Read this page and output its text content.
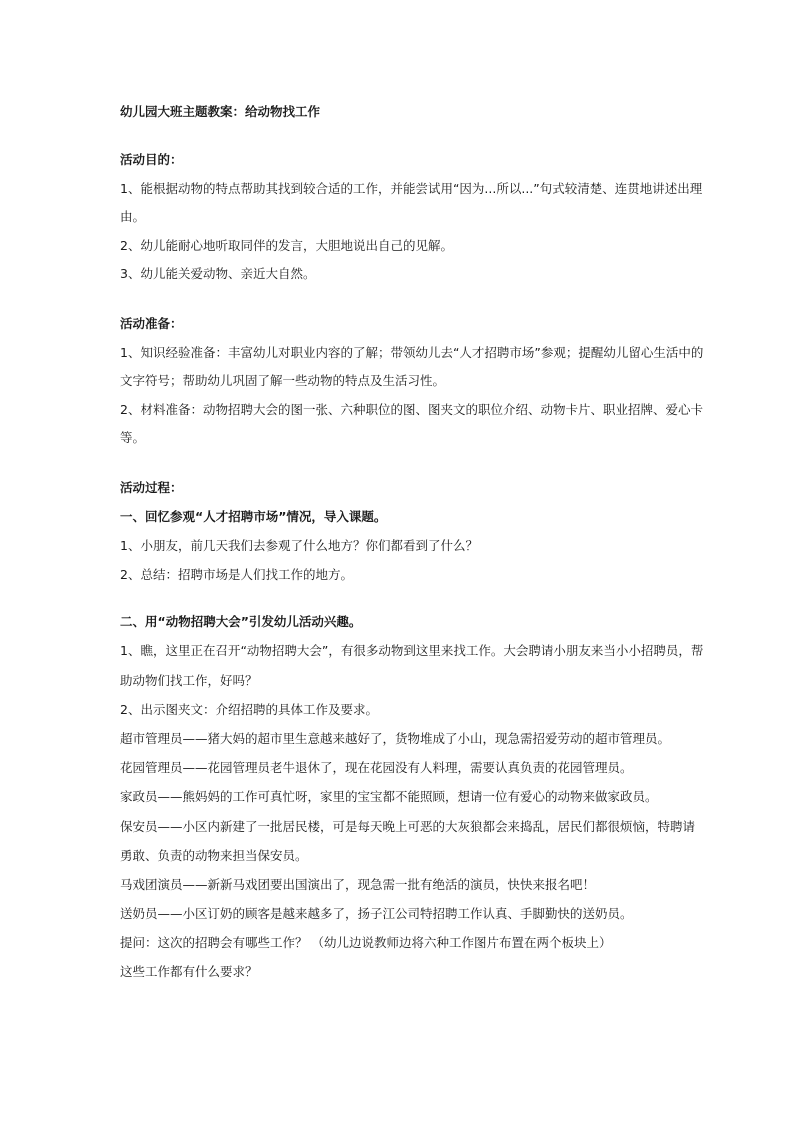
幼儿园大班主题教案：给动物找工作
活动目的：
1、能根据动物的特点帮助其找到较合适的工作，并能尝试用“因为...所以...”句式较清楚、连贯地讲述出理
由。
2、幼儿能耐心地听取同伴的发言，大胆地说出自己的见解。
3、幼儿能关爱动物、亲近大自然。
活动准备：
1、知识经验准备：丰富幼儿对职业内容的了解；带领幼儿去“人才招聘市场”参观；提醒幼儿留心生活中的
文字符号；帮助幼儿巩固了解一些动物的特点及生活习性。
2、材料准备：动物招聘大会的图一张、六种职位的图、图夹文的职位介绍、动物卡片、职业招牌、爱心卡
等。
活动过程：
一、回忆参观“人才招聘市场”情况，导入课题。
1、小朋友，前几天我们去参观了什么地方？你们都看到了什么？
2、总结：招聘市场是人们找工作的地方。
二、用“动物招聘大会”引发幼儿活动兴趣。
1、瞧，这里正在召开“动物招聘大会”，有很多动物到这里来找工作。大会聘请小朋友来当小小招聘员，帮
助动物们找工作，好吗？
2、出示图夹文：介绍招聘的具体工作及要求。
超市管理员——猪大妈的超市里生意越来越好了，货物堆成了小山，现急需招爱劳动的超市管理员。
花园管理员——花园管理员老牛退休了，现在花园没有人料理，需要认真负责的花园管理员。
家政员——熊妈妈的工作可真忙呀，家里的宝宝都不能照顾，想请一位有爱心的动物来做家政员。
保安员——小区内新建了一批居民楼，可是每天晚上可恶的大灰狼都会来捣乱，居民们都很烦恼，特聘请
勇敢、负责的动物来担当保安员。
马戏团演员——新新马戏团要出国演出了，现急需一批有绝活的演员，快快来报名吧！
送奶员——小区订奶的顾客是越来越多了，扬子江公司特招聘工作认真、手脚勤快的送奶员。
提问：这次的招聘会有哪些工作？ （幼儿边说教师边将六种工作图片布置在两个板块上）
这些工作都有什么要求？
